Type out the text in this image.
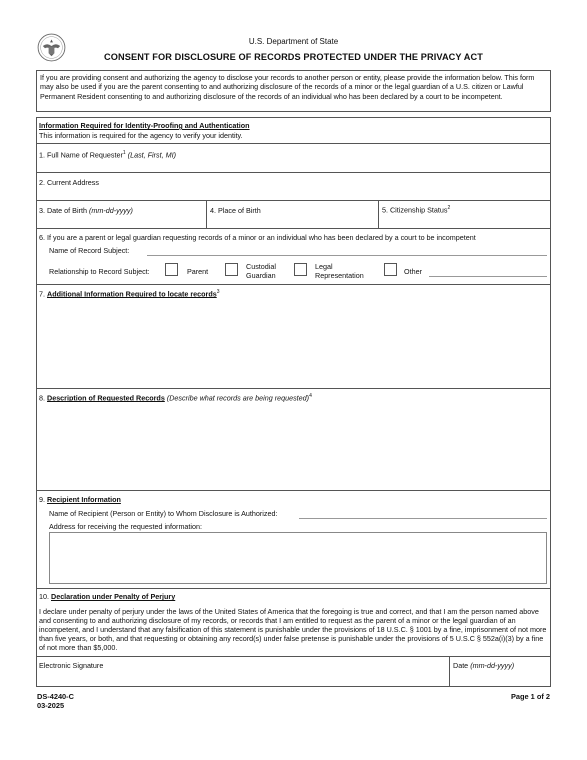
U.S. Department of State
CONSENT FOR DISCLOSURE OF RECORDS PROTECTED UNDER THE PRIVACY ACT
If you are providing consent and authorizing the agency to disclose your records to another person or entity, please provide the information below. This form may also be used if you are the parent consenting to and authorizing disclosure of the records of a minor or the legal guardian of a U.S. citizen or Lawful Permanent Resident consenting to and authorizing disclosure of the records of an individual who has been declared by a court to be incompetent.
Information Required for Identity-Proofing and Authentication
This information is required for the agency to verify your identity.
1. Full Name of Requester$^1$ (Last, First, MI)
2. Current Address
3. Date of Birth (mm-dd-yyyy)	4. Place of Birth	5. Citizenship Status$^2$
6. If you are a parent or legal guardian requesting records of a minor or an individual who has been declared by a court to be incompetent
Name of Record Subject:
Relationship to Record Subject:	Parent
Custodial
Guardian
Legal
Representation	Other
7. Additional Information Required to locate records$^3$
8. Description of Requested Records (Describe what records are being requested)$^4$
9. Recipient Information
Name of Recipient (Person or Entity) to Whom Disclosure is Authorized:
Address for receiving the requested information:
10. Declaration under Penalty of Perjury
I declare under penalty of perjury under the laws of the United States of America that the foregoing is true and correct, and that I am the person named above and consenting to and authorizing disclosure of my records, or records that I am entitled to request as the parent of a minor or the legal guardian of an incompetent, and I understand that any falsification of this statement is punishable under the provisions of 18 U.S.C. § 1001 by a fine, imprisonment of not more than five years, or both, and that requesting or obtaining any record(s) under false pretense is punishable under the provisions of 5 U.S.C § 552a(i)(3) by a fine of not more than $5,000.
Electronic Signature	Date (mm-dd-yyyy)
DS-4240-C
03-2025
Page 1 of 2
